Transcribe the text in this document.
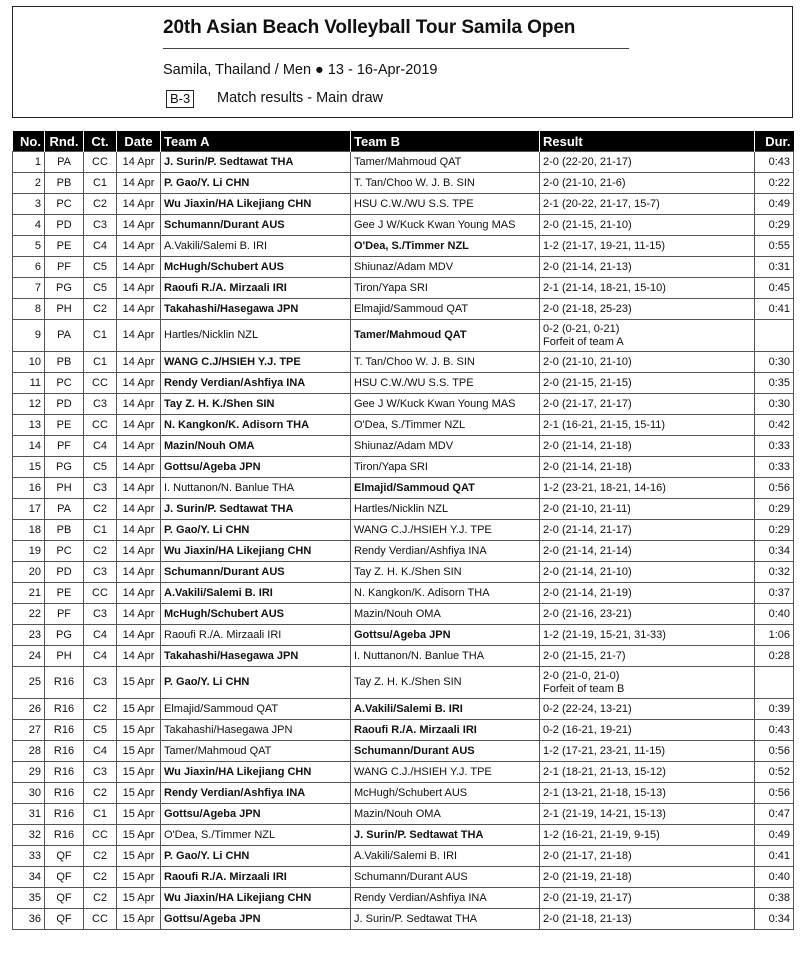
20th Asian Beach Volleyball Tour Samila Open
Samila, Thailand / Men ● 13 - 16-Apr-2019
B-3 Match results - Main draw
No.	Rnd.	Ct.	Date	Team A	Team B	Result	Dur.
1	PA	CC	14 Apr	J. Surin/P. Sedtawat THA	Tamer/Mahmoud QAT	2-0 (22-20, 21-17)	0:43
2	PB	C1	14 Apr	P. Gao/Y. Li CHN	T. Tan/Choo W. J. B. SIN	2-0 (21-10, 21-6)	0:22
3	PC	C2	14 Apr	Wu Jiaxin/HA Likejiang CHN	HSU C.W./WU S.S. TPE	2-1 (20-22, 21-17, 15-7)	0:49
4	PD	C3	14 Apr	Schumann/Durant AUS	Gee J W/Kuck Kwan Young MAS	2-0 (21-15, 21-10)	0:29
5	PE	C4	14 Apr	A.Vakili/Salemi B. IRI	O'Dea, S./Timmer NZL	1-2 (21-17, 19-21, 11-15)	0:55
6	PF	C5	14 Apr	McHugh/Schubert AUS	Shiunaz/Adam MDV	2-0 (21-14, 21-13)	0:31
7	PG	C5	14 Apr	Raoufi R./A. Mirzaali IRI	Tiron/Yapa SRI	2-1 (21-14, 18-21, 15-10)	0:45
8	PH	C2	14 Apr	Takahashi/Hasegawa JPN	Elmajid/Sammoud QAT	2-0 (21-18, 25-23)	0:41
9	PA	C1	14 Apr	Hartles/Nicklin NZL	Tamer/Mahmoud QAT	0-2 (0-21, 0-21)
Forfeit of team A	

10	PB	C1	14 Apr	WANG C.J/HSIEH Y.J. TPE	T. Tan/Choo W. J. B. SIN	2-0 (21-10, 21-10)	0:30
11	PC	CC	14 Apr	Rendy Verdian/Ashfiya INA	HSU C.W./WU S.S. TPE	2-0 (21-15, 21-15)	0:35
12	PD	C3	14 Apr	Tay Z. H. K./Shen SIN	Gee J W/Kuck Kwan Young MAS	2-0 (21-17, 21-17)	0:30
13	PE	CC	14 Apr	N. Kangkon/K. Adisorn THA	O'Dea, S./Timmer NZL	2-1 (16-21, 21-15, 15-11)	0:42
14	PF	C4	14 Apr	Mazin/Nouh OMA	Shiunaz/Adam MDV	2-0 (21-14, 21-18)	0:33
15	PG	C5	14 Apr	Gottsu/Ageba JPN	Tiron/Yapa SRI	2-0 (21-14, 21-18)	0:33
16	PH	C3	14 Apr	I. Nuttanon/N. Banlue THA	Elmajid/Sammoud QAT	1-2 (23-21, 18-21, 14-16)	0:56
17	PA	C2	14 Apr	J. Surin/P. Sedtawat THA	Hartles/Nicklin NZL	2-0 (21-10, 21-11)	0:29
18	PB	C1	14 Apr	P. Gao/Y. Li CHN	WANG C.J./HSIEH Y.J. TPE	2-0 (21-14, 21-17)	0:29
19	PC	C2	14 Apr	Wu Jiaxin/HA Likejiang CHN	Rendy Verdian/Ashfiya INA	2-0 (21-14, 21-14)	0:34
20	PD	C3	14 Apr	Schumann/Durant AUS	Tay Z. H. K./Shen SIN	2-0 (21-14, 21-10)	0:32
21	PE	CC	14 Apr	A.Vakili/Salemi B. IRI	N. Kangkon/K. Adisorn THA	2-0 (21-14, 21-19)	0:37
22	PF	C3	14 Apr	McHugh/Schubert AUS	Mazin/Nouh OMA	2-0 (21-16, 23-21)	0:40
23	PG	C4	14 Apr	Raoufi R./A. Mirzaali IRI	Gottsu/Ageba JPN	1-2 (21-19, 15-21, 31-33)	1:06
24	PH	C4	14 Apr	Takahashi/Hasegawa JPN	I. Nuttanon/N. Banlue THA	2-0 (21-15, 21-7)	0:28
25	R16	C3	15 Apr	P. Gao/Y. Li CHN	Tay Z. H. K./Shen SIN	2-0 (21-0, 21-0)
Forfeit of team B	

26	R16	C2	15 Apr	Elmajid/Sammoud QAT	A.Vakili/Salemi B. IRI	0-2 (22-24, 13-21)	0:39
27	R16	C5	15 Apr	Takahashi/Hasegawa JPN	Raoufi R./A. Mirzaali IRI	0-2 (16-21, 19-21)	0:43
28	R16	C4	15 Apr	Tamer/Mahmoud QAT	Schumann/Durant AUS	1-2 (17-21, 23-21, 11-15)	0:56
29	R16	C3	15 Apr	Wu Jiaxin/HA Likejiang CHN	WANG C.J./HSIEH Y.J. TPE	2-1 (18-21, 21-13, 15-12)	0:52
30	R16	C2	15 Apr	Rendy Verdian/Ashfiya INA	McHugh/Schubert AUS	2-1 (13-21, 21-18, 15-13)	0:56
31	R16	C1	15 Apr	Gottsu/Ageba JPN	Mazin/Nouh OMA	2-1 (21-19, 14-21, 15-13)	0:47
32	R16	CC	15 Apr	O'Dea, S./Timmer NZL	J. Surin/P. Sedtawat THA	1-2 (16-21, 21-19, 9-15)	0:49
33	QF	C2	15 Apr	P. Gao/Y. Li CHN	A.Vakili/Salemi B. IRI	2-0 (21-17, 21-18)	0:41
34	QF	C2	15 Apr	Raoufi R./A. Mirzaali IRI	Schumann/Durant AUS	2-0 (21-19, 21-18)	0:40
35	QF	C2	15 Apr	Wu Jiaxin/HA Likejiang CHN	Rendy Verdian/Ashfiya INA	2-0 (21-19, 21-17)	0:38
36	QF	CC	15 Apr	Gottsu/Ageba JPN	J. Surin/P. Sedtawat THA	2-0 (21-18, 21-13)	0:34
